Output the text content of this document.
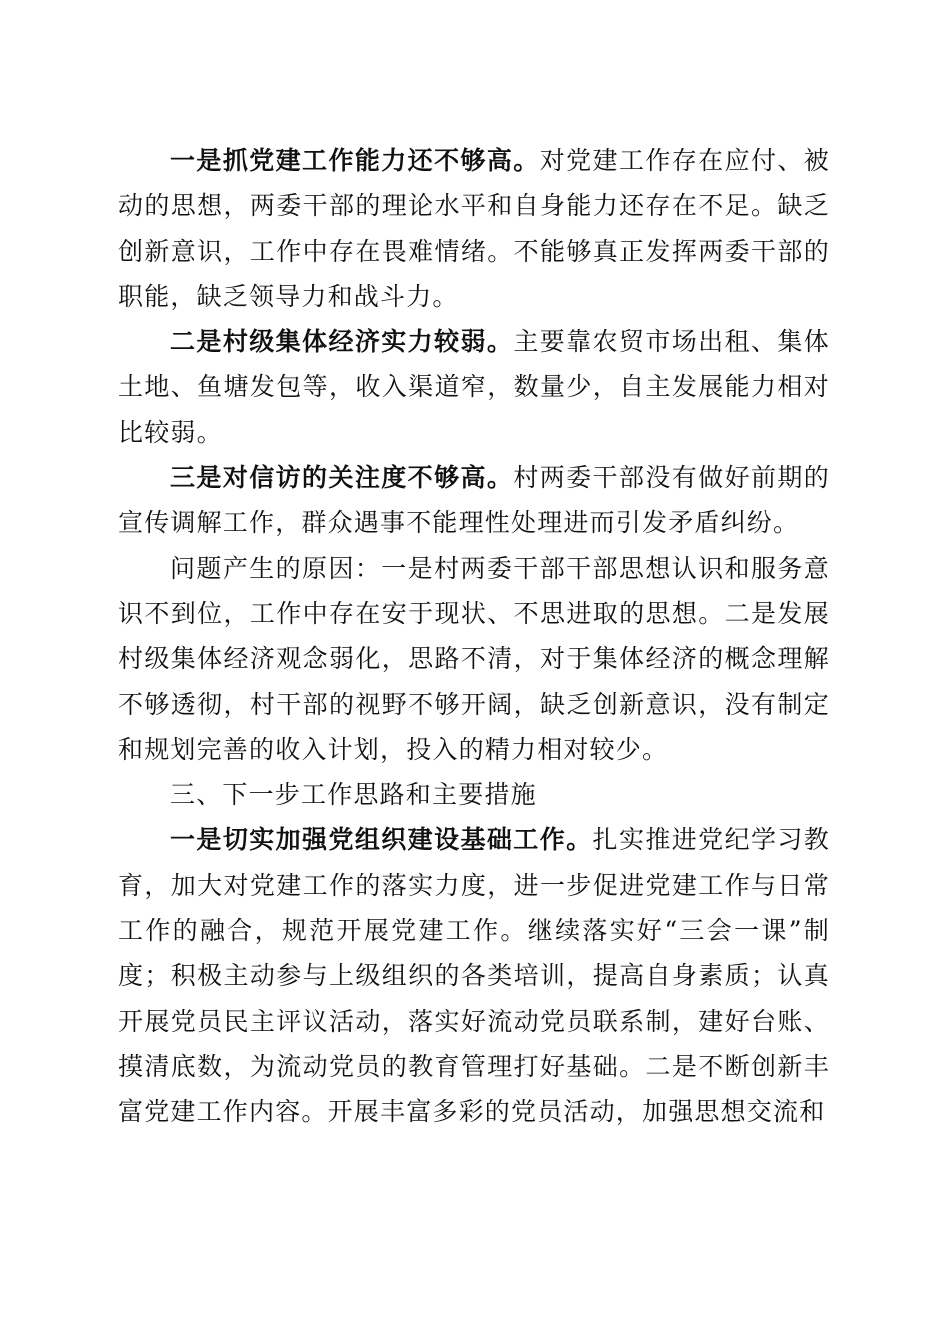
一是抓党建工作能力还不够高。对党建工作存在应付、被动的思想，两委干部的理论水平和自身能力还存在不足。缺乏创新意识，工作中存在畏难情绪。不能够真正发挥两委干部的职能，缺乏领导力和战斗力。

二是村级集体经济实力较弱。主要靠农贸市场出租、集体土地、鱼塘发包等，收入渠道窄，数量少，自主发展能力相对比较弱。

三是对信访的关注度不够高。村两委干部没有做好前期的宣传调解工作，群众遇事不能理性处理进而引发矛盾纠纷。

问题产生的原因：一是村两委干部干部思想认识和服务意识不到位，工作中存在安于现状、不思进取的思想。二是发展村级集体经济观念弱化，思路不清，对于集体经济的概念理解不够透彻，村干部的视野不够开阔，缺乏创新意识，没有制定和规划完善的收入计划，投入的精力相对较少。

三、下一步工作思路和主要措施

一是切实加强党组织建设基础工作。扎实推进党纪学习教育，加大对党建工作的落实力度，进一步促进党建工作与日常工作的融合，规范开展党建工作。继续落实好“三会一课”制度；积极主动参与上级组织的各类培训，提高自身素质；认真开展党员民主评议活动，落实好流动党员联系制，建好台账、摸清底数，为流动党员的教育管理打好基础。二是不断创新丰富党建工作内容。开展丰富多彩的党员活动，加强思想交流和
